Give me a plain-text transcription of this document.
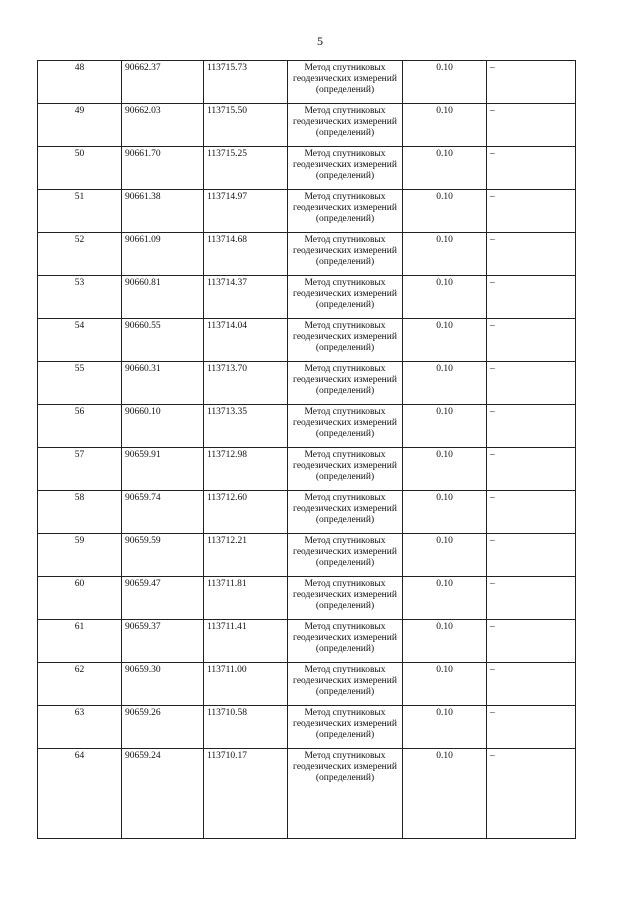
5
48	90662.37	113715.73	Метод спутниковых геодезических измерений (определений)	0.10	–
49	90662.03	113715.50	Метод спутниковых геодезических измерений (определений)	0.10	–
50	90661.70	113715.25	Метод спутниковых геодезических измерений (определений)	0.10	–
51	90661.38	113714.97	Метод спутниковых геодезических измерений (определений)	0.10	–
52	90661.09	113714.68	Метод спутниковых геодезических измерений (определений)	0.10	–
53	90660.81	113714.37	Метод спутниковых геодезических измерений (определений)	0.10	–
54	90660.55	113714.04	Метод спутниковых геодезических измерений (определений)	0.10	–
55	90660.31	113713.70	Метод спутниковых геодезических измерений (определений)	0.10	–
56	90660.10	113713.35	Метод спутниковых геодезических измерений (определений)	0.10	–
57	90659.91	113712.98	Метод спутниковых геодезических измерений (определений)	0.10	–
58	90659.74	113712.60	Метод спутниковых геодезических измерений (определений)	0.10	–
59	90659.59	113712.21	Метод спутниковых геодезических измерений (определений)	0.10	–
60	90659.47	113711.81	Метод спутниковых геодезических измерений (определений)	0.10	–
61	90659.37	113711.41	Метод спутниковых геодезических измерений (определений)	0.10	–
62	90659.30	113711.00	Метод спутниковых геодезических измерений (определений)	0.10	–
63	90659.26	113710.58	Метод спутниковых геодезических измерений (определений)	0.10	–
64	90659.24	113710.17	Метод спутниковых геодезических измерений (определений)	0.10	–
